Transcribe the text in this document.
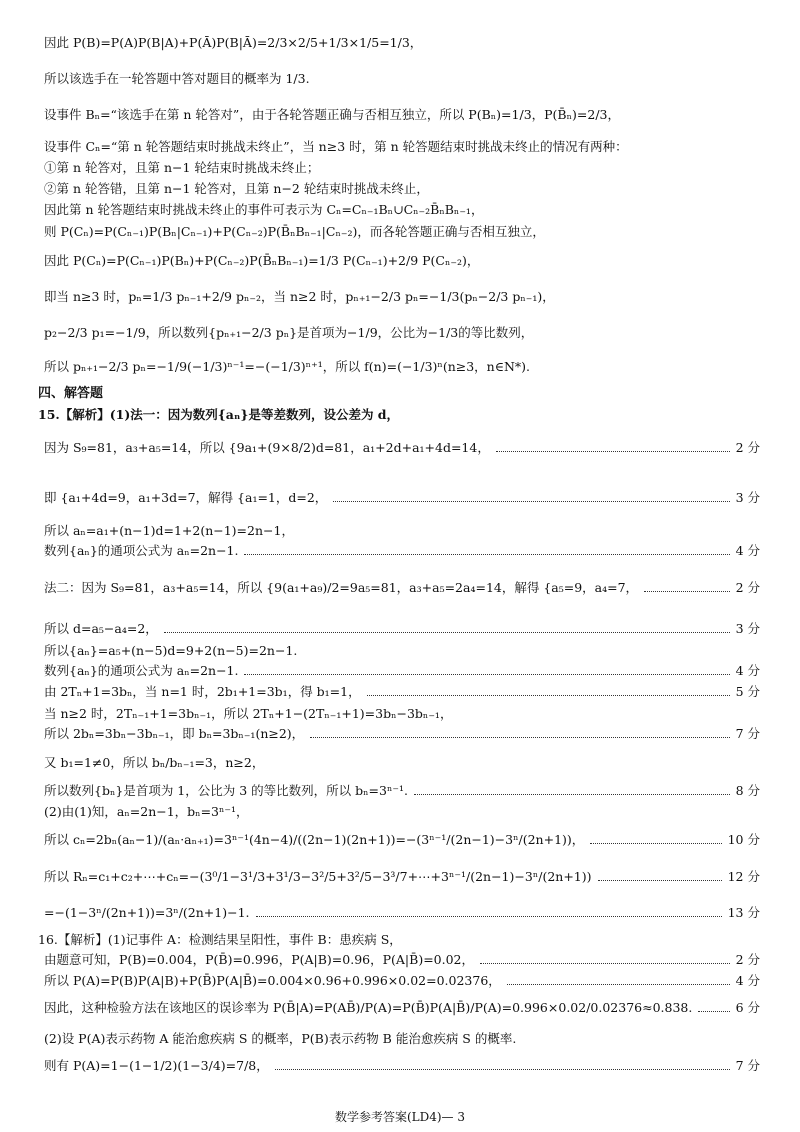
因此 P(B)=P(A)P(B|A)+P(Ā)P(B|Ā)=2/3×2/5+1/3×1/5=1/3，
所以该选手在一轮答题中答对题目的概率为 1/3.
设事件 Bₙ=“该选手在第 n 轮答对”，由于各轮答题正确与否相互独立，所以 P(Bₙ)=1/3，P(B̄ₙ)=2/3，
设事件 Cₙ=“第 n 轮答题结束时挑战未终止”，当 n≥3 时，第 n 轮答题结束时挑战未终止的情况有两种：
①第 n 轮答对，且第 n−1 轮结束时挑战未终止；
②第 n 轮答错，且第 n−1 轮答对，且第 n−2 轮结束时挑战未终止，
因此第 n 轮答题结束时挑战未终止的事件可表示为 Cₙ=Cₙ₋₁Bₙ∪Cₙ₋₂B̄ₙBₙ₋₁，
则 P(Cₙ)=P(Cₙ₋₁)P(Bₙ|Cₙ₋₁)+P(Cₙ₋₂)P(B̄ₙBₙ₋₁|Cₙ₋₂)，而各轮答题正确与否相互独立，
因此 P(Cₙ)=P(Cₙ₋₁)P(Bₙ)+P(Cₙ₋₂)P(B̄ₙBₙ₋₁)=1/3 P(Cₙ₋₁)+2/9 P(Cₙ₋₂)，
即当 n≥3 时，pₙ=1/3 pₙ₋₁+2/9 pₙ₋₂，当 n≥2 时，pₙ₊₁−2/3 pₙ=−1/3(pₙ−2/3 pₙ₋₁)，
p₂−2/3 p₁=−1/9，所以数列{pₙ₊₁−2/3 pₙ}是首项为−1/9，公比为−1/3的等比数列，
所以 pₙ₊₁−2/3 pₙ=−1/9(−1/3)ⁿ⁻¹=−(−1/3)ⁿ⁺¹，所以 f(n)=(−1/3)ⁿ(n≥3，n∈N*).
四、解答题
15.【解析】(1)法一：因为数列{aₙ}是等差数列，设公差为 d，
因为 S₉=81，a₃+a₅=14，所以 {9a₁+(9×8/2)d=81，a₁+2d+a₁+4d=14，	2 分
即 {a₁+4d=9，a₁+3d=7，解得 {a₁=1，d=2，	3 分
所以 aₙ=a₁+(n−1)d=1+2(n−1)=2n−1，
数列{aₙ}的通项公式为 aₙ=2n−1.	4 分
法二：因为 S₉=81，a₃+a₅=14，所以 {9(a₁+a₉)/2=9a₅=81，a₃+a₅=2a₄=14，解得 {a₅=9，a₄=7，	2 分
所以 d=a₅−a₄=2，	3 分
所以{aₙ}=a₅+(n−5)d=9+2(n−5)=2n−1.
数列{aₙ}的通项公式为 aₙ=2n−1.	4 分
由 2Tₙ+1=3bₙ，当 n=1 时，2b₁+1=3b₁，得 b₁=1，	5 分
当 n≥2 时，2Tₙ₋₁+1=3bₙ₋₁，所以 2Tₙ+1−(2Tₙ₋₁+1)=3bₙ−3bₙ₋₁，
所以 2bₙ=3bₙ−3bₙ₋₁，即 bₙ=3bₙ₋₁(n≥2)，	7 分
又 b₁=1≠0，所以 bₙ/bₙ₋₁=3，n≥2，
所以数列{bₙ}是首项为 1，公比为 3 的等比数列，所以 bₙ=3ⁿ⁻¹.	8 分
(2)由(1)知，aₙ=2n−1，bₙ=3ⁿ⁻¹，
所以 cₙ=2bₙ(aₙ−1)/(aₙ·aₙ₊₁)=3ⁿ⁻¹(4n−4)/((2n−1)(2n+1))=−(3ⁿ⁻¹/(2n−1)−3ⁿ/(2n+1))，	10 分
所以 Rₙ=c₁+c₂+⋯+cₙ=−(3⁰/1−3¹/3+3¹/3−3²/5+3²/5−3³/7+⋯+3ⁿ⁻¹/(2n−1)−3ⁿ/(2n+1))	12 分
=−(1−3ⁿ/(2n+1))=3ⁿ/(2n+1)−1.	13 分
16.【解析】(1)记事件 A：检测结果呈阳性，事件 B：患疾病 S，
由题意可知，P(B)=0.004，P(B̄)=0.996，P(A|B)=0.96，P(A|B̄)=0.02，	2 分
所以 P(A)=P(B)P(A|B)+P(B̄)P(A|B̄)=0.004×0.96+0.996×0.02=0.02376，	4 分
因此，这种检验方法在该地区的误诊率为 P(B̄|A)=P(AB̄)/P(A)=P(B̄)P(A|B̄)/P(A)=0.996×0.02/0.02376≈0.838.	6 分
(2)设 P(A)表示药物 A 能治愈疾病 S 的概率，P(B)表示药物 B 能治愈疾病 S 的概率.
则有 P(A)=1−(1−1/2)(1−3/4)=7/8，	7 分
数学参考答案(LD4)— 3
